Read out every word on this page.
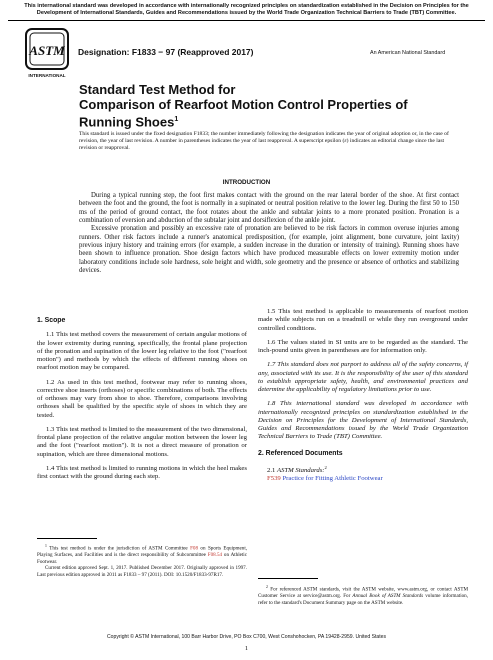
This international standard was developed in accordance with internationally recognized principles on standardization established in the Decision on Principles for the Development of International Standards, Guides and Recommendations issued by the World Trade Organization Technical Barriers to Trade (TBT) Committee.
ASTM
INTERNATIONAL
Designation: F1833 − 97 (Reapproved 2017)	An American National Standard
Standard Test Method for
Comparison of Rearfoot Motion Control Properties of
Running Shoes$^1$
This standard is issued under the fixed designation F1833; the number immediately following the designation indicates the year of original adoption or, in the case of revision, the year of last revision. A number in parentheses indicates the year of last reapproval. A superscript epsilon (ε) indicates an editorial change since the last revision or reapproval.
INTRODUCTION

During a typical running step, the foot first makes contact with the ground on the rear lateral border of the shoe. At first contact between the foot and the ground, the foot is normally in a supinated or neutral position relative to the lower leg. During the first 50 to 150 ms of the period of ground contact, the foot rotates about the ankle and subtalar joints to a more pronated position. Pronation is a combination of eversion and abduction of the subtalar joint and dorsiflexion of the ankle joint.

Excessive pronation and possibly an excessive rate of pronation are believed to be risk factors in common overuse injuries among runners. Other risk factors include a runner's anatomical predisposition, (for example, joint alignment, bone curvature, joint laxity) previous injury history and training errors (for example, a sudden increase in the duration or intensity of training). Running shoes have been shown to influence pronation. Shoe design factors which have produced measurable effects on lower extremity motion under laboratory conditions include sole hardness, sole height and width, sole geometry and the presence or absence of orthotics and stabilizing devices.

1. Scope

1.1 This test method covers the measurement of certain angular motions of the lower extremity during running, specifically, the frontal plane projection of the pronation and supination of the lower leg relative to the foot ("rearfoot motion") and methods by which the effects of different running shoes on rearfoot motion may be compared.

1.2 As used in this test method, footwear may refer to running shoes, corrective shoe inserts (orthoses) or specific combinations of both. The effects of orthoses may vary from shoe to shoe. Therefore, comparisons involving orthoses shall be qualified by the specific style of shoes in which they are tested.

1.3 This test method is limited to the measurement of the two dimensional, frontal plane projection of the relative angular motion between the lower leg and the foot ("rearfoot motion"). It is not a direct measure of pronation or supination, which are three dimensional motions.

1.4 This test method is limited to running motions in which the heel makes first contact with the ground during each step.

1.5 This test method is applicable to measurements of rearfoot motion made while subjects run on a treadmill or while they run overground under controlled conditions.

1.6 The values stated in SI units are to be regarded as the standard. The inch-pound units given in parentheses are for information only.

1.7 This standard does not purport to address all of the safety concerns, if any, associated with its use. It is the responsibility of the user of this standard to establish appropriate safety, health, and environmental practices and determine the applicability of regulatory limitations prior to use.

1.8 This international standard was developed in accordance with internationally recognized principles on standardization established in the Decision on Principles for the Development of International Standards, Guides and Recommendations issued by the World Trade Organization Technical Barriers to Trade (TBT) Committee.

2. Referenced Documents
2.1 ASTM Standards:$^2$
F539 Practice for Fitting Athletic Footwear

$^1$ This test method is under the jurisdiction of ASTM Committee F08 on Sports Equipment, Playing Surfaces, and Facilities and is the direct responsibility of Subcommittee F08.54 on Athletic Footwear.

Current edition approved Sept. 1, 2017. Published December 2017. Originally approved in 1997. Last previous edition approved in 2011 as F1833 – 97 (2011). DOI: 10.1520/F1833-97R17.

$^2$ For referenced ASTM standards, visit the ASTM website, www.astm.org, or contact ASTM Customer Service at service@astm.org. For Annual Book of ASTM Standards volume information, refer to the standard's Document Summary page on the ASTM website.

Copyright © ASTM International, 100 Barr Harbor Drive, PO Box C700, West Conshohocken, PA 19428-2959. United States
1
